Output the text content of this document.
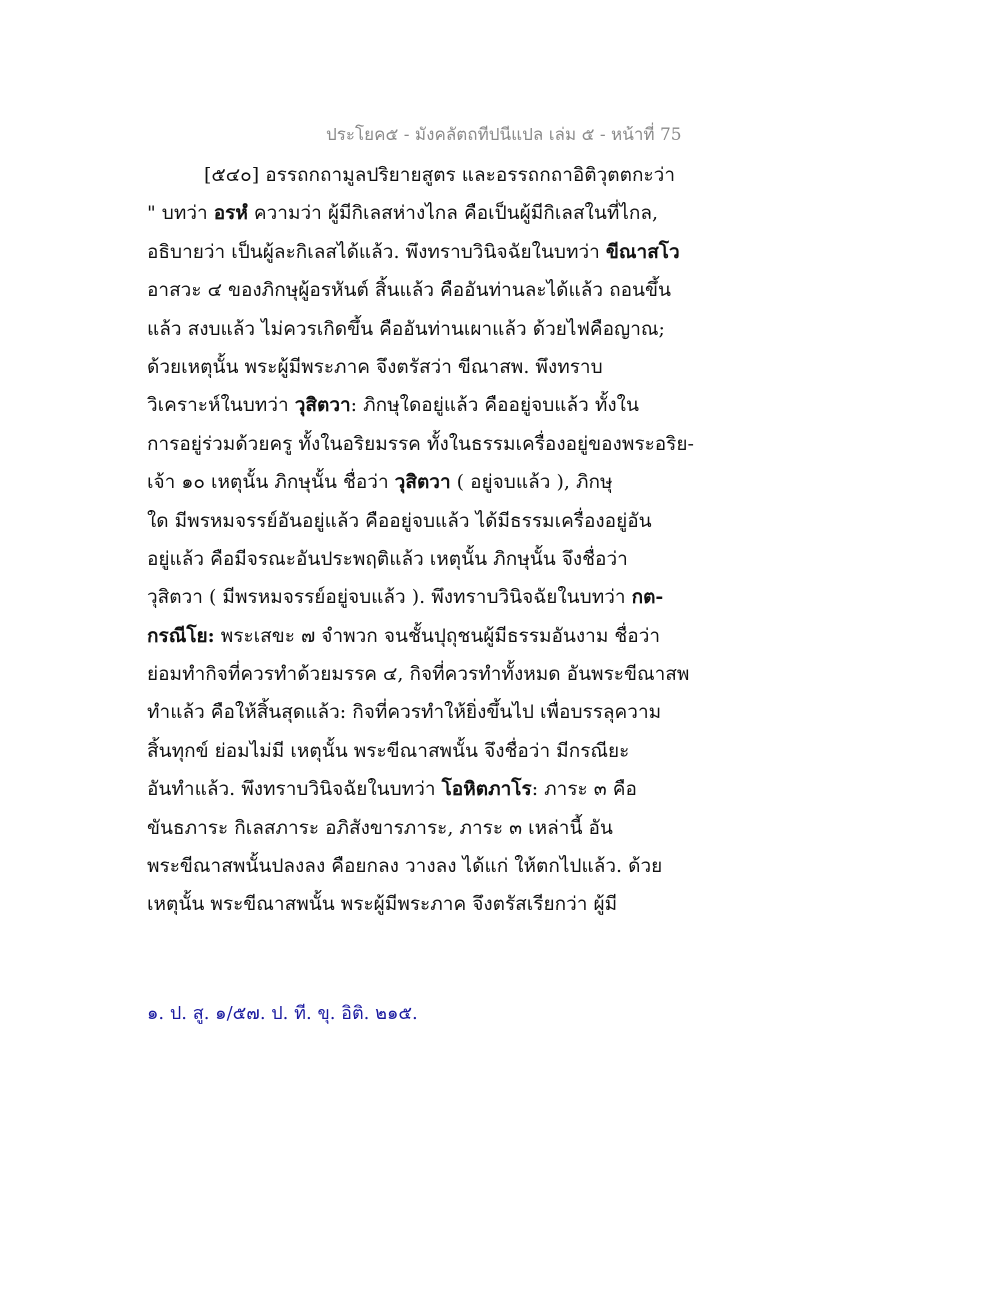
ประโยค๕ - มังคลัตถทีปนีแปล เล่ม ๕ - หน้าที่ 75
[๕๔๐] อรรถกถามูลปริยายสูตร และอรรถกถาอิติวุตตกะว่า
" บทว่า อรหํ ความว่า ผู้มีกิเลสห่างไกล คือเป็นผู้มีกิเลสในที่ไกล,
อธิบายว่า เป็นผู้ละกิเลสได้แล้ว. พึงทราบวินิจฉัยในบทว่า ขีณาสโว
อาสวะ ๔ ของภิกษุผู้อรหันต์ สิ้นแล้ว คืออันท่านละได้แล้ว ถอนขึ้น
แล้ว สงบแล้ว ไม่ควรเกิดขึ้น คืออันท่านเผาแล้ว ด้วยไฟคือญาณ;
ด้วยเหตุนั้น พระผู้มีพระภาค จึงตรัสว่า ขีณาสพ. พึงทราบ
วิเคราะห์ในบทว่า วุสิตวา: ภิกษุใดอยู่แล้ว คืออยู่จบแล้ว ทั้งใน
การอยู่ร่วมด้วยครู ทั้งในอริยมรรค ทั้งในธรรมเครื่องอยู่ของพระอริย-
เจ้า ๑๐ เหตุนั้น ภิกษุนั้น ชื่อว่า วุสิตวา ( อยู่จบแล้ว ), ภิกษุ
ใด มีพรหมจรรย์อันอยู่แล้ว คืออยู่จบแล้ว ได้มีธรรมเครื่องอยู่อัน
อยู่แล้ว คือมีจรณะอันประพฤติแล้ว เหตุนั้น ภิกษุนั้น จึงชื่อว่า
วุสิตวา ( มีพรหมจรรย์อยู่จบแล้ว ). พึงทราบวินิจฉัยในบทว่า กต-
กรณีโย: พระเสขะ ๗ จำพวก จนชั้นปุถุชนผู้มีธรรมอันงาม ชื่อว่า
ย่อมทำกิจที่ควรทำด้วยมรรค ๔, กิจที่ควรทำทั้งหมด อันพระขีณาสพ
ทำแล้ว คือให้สิ้นสุดแล้ว: กิจที่ควรทำให้ยิ่งขึ้นไป เพื่อบรรลุความ
สิ้นทุกข์ ย่อมไม่มี เหตุนั้น พระขีณาสพนั้น จึงชื่อว่า มีกรณียะ
อันทำแล้ว. พึงทราบวินิจฉัยในบทว่า โอหิตภาโร: ภาระ ๓ คือ
ขันธภาระ กิเลสภาระ อภิสังขารภาระ, ภาระ ๓ เหล่านี้ อัน
พระขีณาสพนั้นปลงลง คือยกลง วางลง ได้แก่ ให้ตกไปแล้ว. ด้วย
เหตุนั้น พระขีณาสพนั้น พระผู้มีพระภาค จึงตรัสเรียกว่า ผู้มี
๑. ป. สู. ๑/๕๗. ป. ที. ขุ. อิติ. ๒๑๕.
